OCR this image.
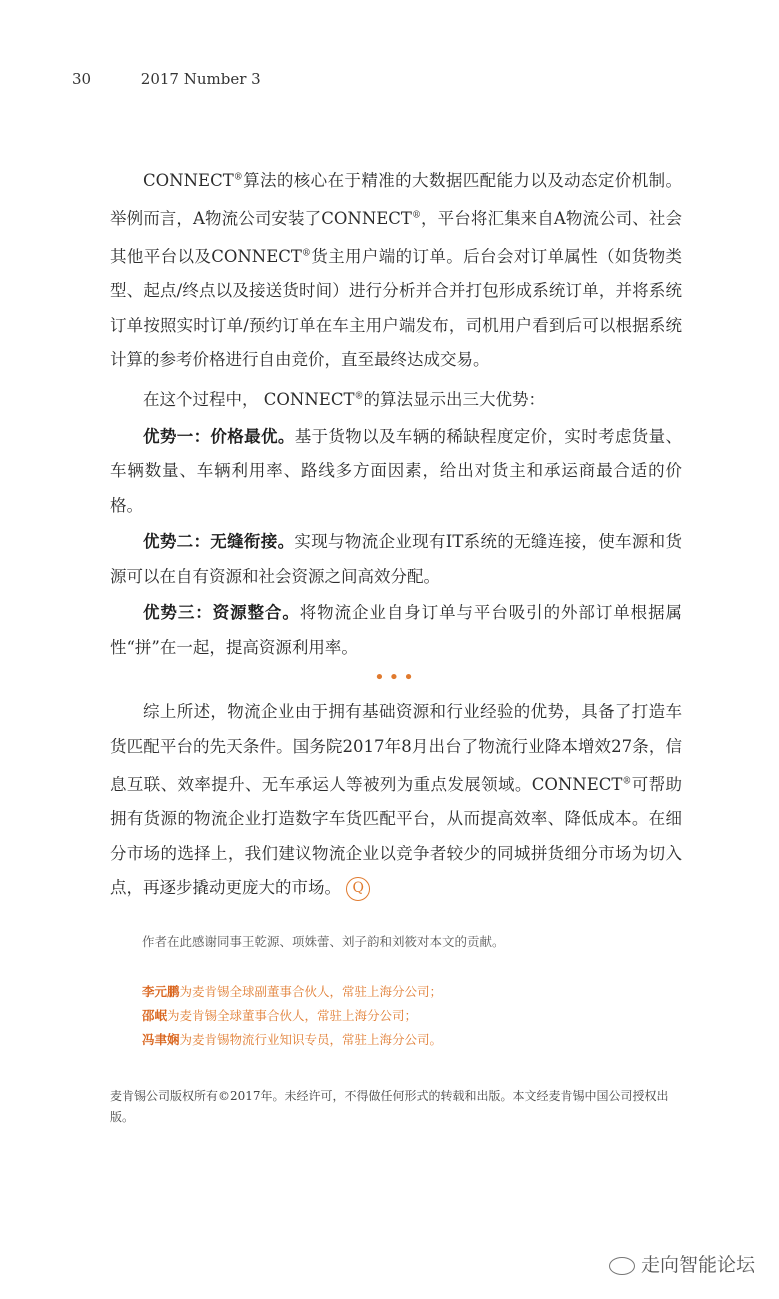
30	2017 Number 3

CONNECT®算法的核心在于精准的大数据匹配能力以及动态定价机制。举例而言，A物流公司安装了CONNECT®，平台将汇集来自A物流公司、社会其他平台以及CONNECT®货主用户端的订单。后台会对订单属性（如货物类型、起点/终点以及接送货时间）进行分析并合并打包形成系统订单，并将系统订单按照实时订单/预约订单在车主用户端发布，司机用户看到后可以根据系统计算的参考价格进行自由竞价，直至最终达成交易。

在这个过程中， CONNECT®的算法显示出三大优势：

优势一：价格最优。基于货物以及车辆的稀缺程度定价，实时考虑货量、车辆数量、车辆利用率、路线多方面因素，给出对货主和承运商最合适的价格。

优势二：无缝衔接。实现与物流企业现有IT系统的无缝连接，使车源和货源可以在自有资源和社会资源之间高效分配。

优势三：资源整合。将物流企业自身订单与平台吸引的外部订单根据属性“拼”在一起，提高资源利用率。

•••

综上所述，物流企业由于拥有基础资源和行业经验的优势，具备了打造车货匹配平台的先天条件。国务院2017年8月出台了物流行业降本增效27条，信息互联、效率提升、无车承运人等被列为重点发展领域。CONNECT®可帮助拥有货源的物流企业打造数字车货匹配平台，从而提高效率、降低成本。在细分市场的选择上，我们建议物流企业以竞争者较少的同城拼货细分市场为切入点，再逐步撬动更庞大的市场。 Q

作者在此感谢同事王乾源、项姝蕾、刘子韵和刘筱对本文的贡献。
李元鹏为麦肯锡全球副董事合伙人，常驻上海分公司；
邵岷为麦肯锡全球董事合伙人，常驻上海分公司；
冯聿娴为麦肯锡物流行业知识专员，常驻上海分公司。
麦肯锡公司版权所有©2017年。未经许可，不得做任何形式的转载和出版。本文经麦肯锡中国公司授权出版。
走向智能论坛
